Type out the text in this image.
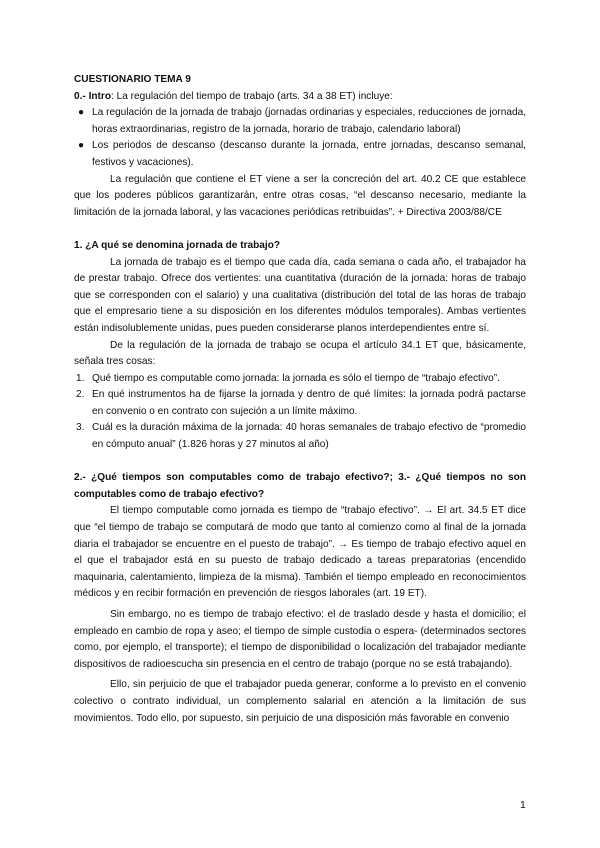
CUESTIONARIO TEMA 9

0.- Intro: La regulación del tiempo de trabajo (arts. 34 a 38 ET) incluye:

● La regulación de la jornada de trabajo (jornadas ordinarias y especiales, reducciones de jornada, horas extraordinarias, registro de la jornada, horario de trabajo, calendario laboral)
● Los periodos de descanso (descanso durante la jornada, entre jornadas, descanso semanal, festivos y vacaciones).

La regulación que contiene el ET viene a ser la concreción del art. 40.2 CE que establece que los poderes públicos garantizarán, entre otras cosas, “el descanso necesario, mediante la limitación de la jornada laboral, y las vacaciones periódicas retribuidas”. + Directiva 2003/88/CE

1. ¿A qué se denomina jornada de trabajo?

La jornada de trabajo es el tiempo que cada día, cada semana o cada año, el trabajador ha de prestar trabajo. Ofrece dos vertientes: una cuantitativa (duración de la jornada: horas de trabajo que se corresponden con el salario) y una cualitativa (distribución del total de las horas de trabajo que el empresario tiene a su disposición en los diferentes módulos temporales). Ambas vertientes están indisolublemente unidas, pues pueden considerarse planos interdependientes entre sí.

De la regulación de la jornada de trabajo se ocupa el artículo 34.1 ET que, básicamente, señala tres cosas:

1. Qué tiempo es computable como jornada: la jornada es sólo el tiempo de “trabajo efectivo”.
2. En qué instrumentos ha de fijarse la jornada y dentro de qué límites: la jornada podrá pactarse en convenio o en contrato con sujeción a un límite máximo.
3. Cuál es la duración máxima de la jornada: 40 horas semanales de trabajo efectivo de “promedio en cómputo anual” (1.826 horas y 27 minutos al año)

2.- ¿Qué tiempos son computables como de trabajo efectivo?; 3.- ¿Qué tiempos no son computables como de trabajo efectivo?

El tiempo computable como jornada es tiempo de “trabajo efectivo”. → El art. 34.5 ET dice que “el tiempo de trabajo se computará de modo que tanto al comienzo como al final de la jornada diaria el trabajador se encuentre en el puesto de trabajo”. → Es tiempo de trabajo efectivo aquel en el que el trabajador está en su puesto de trabajo dedicado a tareas preparatorias (encendido maquinaria, calentamiento, limpieza de la misma). También el tiempo empleado en reconocimientos médicos y en recibir formación en prevención de riesgos laborales (art. 19 ET).

Sin embargo, no es tiempo de trabajo efectivo: el de traslado desde y hasta el domicilio; el empleado en cambio de ropa y aseo; el tiempo de simple custodia o espera- (determinados sectores como, por ejemplo, el transporte); el tiempo de disponibilidad o localización del trabajador mediante dispositivos de radioescucha sin presencia en el centro de trabajo (porque no se está trabajando).

Ello, sin perjuicio de que el trabajador pueda generar, conforme a lo previsto en el convenio colectivo o contrato individual, un complemento salarial en atención a la limitación de sus movimientos. Todo ello, por supuesto, sin perjuicio de una disposición más favorable en convenio

1
